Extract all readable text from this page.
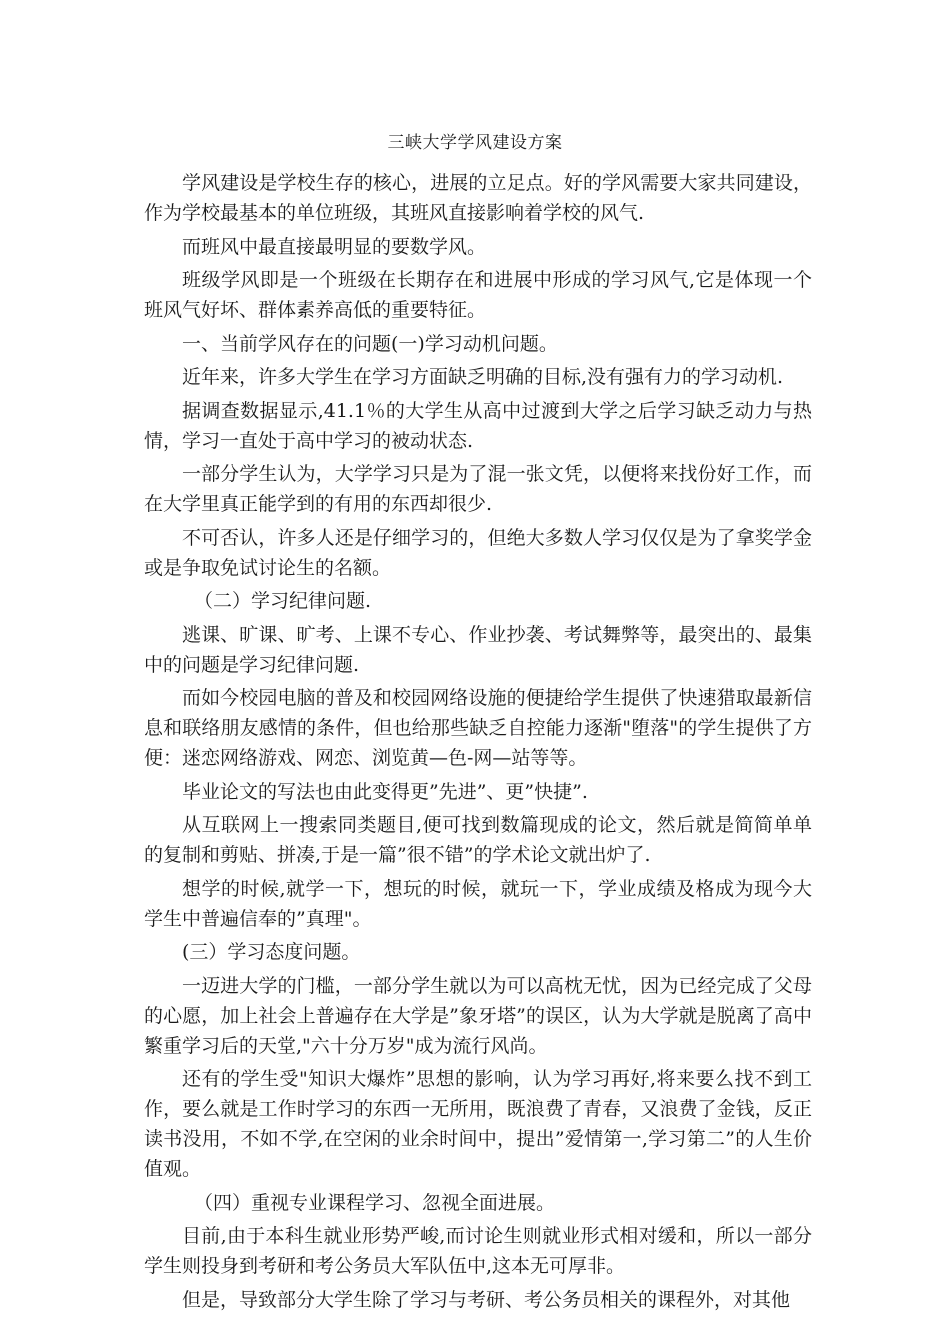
三峡大学学风建设方案

学风建设是学校生存的核心，进展的立足点。好的学风需要大家共同建设，作为学校最基本的单位班级，其班风直接影响着学校的风气.

而班风中最直接最明显的要数学风。

班级学风即是一个班级在长期存在和进展中形成的学习风气,它是体现一个班风气好坏、群体素养高低的重要特征。

一、当前学风存在的问题(一)学习动机问题。

近年来，许多大学生在学习方面缺乏明确的目标,没有强有力的学习动机.

据调查数据显示,41.1％的大学生从高中过渡到大学之后学习缺乏动力与热情，学习一直处于高中学习的被动状态.

一部分学生认为，大学学习只是为了混一张文凭，以便将来找份好工作，而在大学里真正能学到的有用的东西却很少.

不可否认，许多人还是仔细学习的，但绝大多数人学习仅仅是为了拿奖学金或是争取免试讨论生的名额。

（二）学习纪律问题.

逃课、旷课、旷考、上课不专心、作业抄袭、考试舞弊等，最突出的、最集中的问题是学习纪律问题.

而如今校园电脑的普及和校园网络设施的便捷给学生提供了快速猎取最新信息和联络朋友感情的条件，但也给那些缺乏自控能力逐渐"堕落"的学生提供了方便：迷恋网络游戏、网恋、浏览黄—色-网—站等等。

毕业论文的写法也由此变得更”先进”、更”快捷”.

从互联网上一搜索同类题目,便可找到数篇现成的论文，然后就是简简单单的复制和剪贴、拼凑,于是一篇”很不错”的学术论文就出炉了.

想学的时候,就学一下，想玩的时候，就玩一下，学业成绩及格成为现今大学生中普遍信奉的”真理"。

(三）学习态度问题。

一迈进大学的门槛，一部分学生就以为可以高枕无忧，因为已经完成了父母的心愿，加上社会上普遍存在大学是”象牙塔”的误区，认为大学就是脱离了高中繁重学习后的天堂,"六十分万岁"成为流行风尚。

还有的学生受"知识大爆炸”思想的影响，认为学习再好,将来要么找不到工作，要么就是工作时学习的东西一无所用，既浪费了青春，又浪费了金钱，反正读书没用，不如不学,在空闲的业余时间中，提出”爱情第一,学习第二”的人生价值观。

（四）重视专业课程学习、忽视全面进展。

目前,由于本科生就业形势严峻,而讨论生则就业形式相对缓和，所以一部分学生则投身到考研和考公务员大军队伍中,这本无可厚非。

但是，导致部分大学生除了学习与考研、考公务员相关的课程外，对其他
